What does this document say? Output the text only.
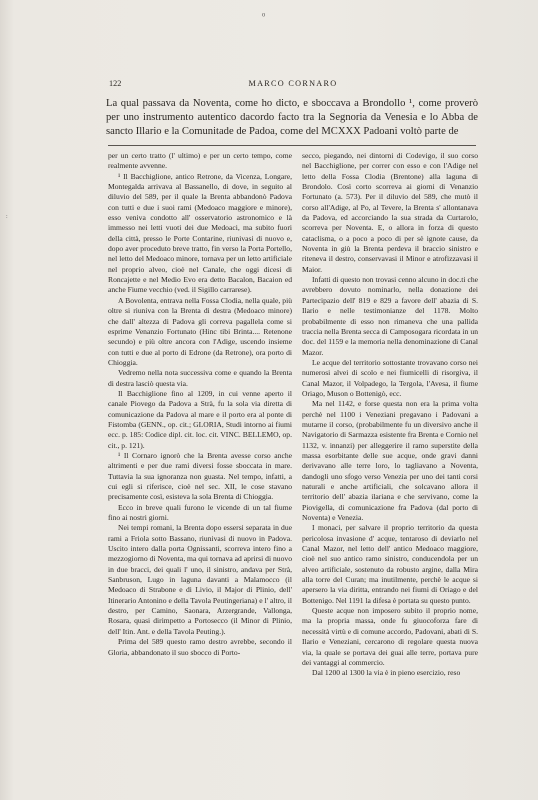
⁰
:
122	MARCO CORNARO

La qual passava da Noventa, come ho dicto, e sboccava a Brondollo ¹, come proverò per uno instrumento autentico dacordo facto tra la Segnoria da Venesia e lo Abba de sancto Illario e la Comunitade de Padoa, come del MCXXX Padoani voltò parte de

per un certo tratto (l' ultimo) e per un certo tempo, come realmente avvenne.

¹ Il Bacchiglione, antico Retrone, da Vicenza, Longare, Montegalda arrivava al Bassanello, di dove, in seguito al diluvio del 589, per il quale la Brenta abbandonò Padova con tutti e due i suoi rami (Medoaco maggiore e minore), esso veniva condotto all' osservatorio astronomico e là immesso nei letti vuoti dei due Medoaci, ma subito fuori della città, presso le Porte Contarine, riunivasi di nuovo e, dopo aver proceduto breve tratto, fin verso la Porta Portello, nel letto del Medoaco minore, tornava per un letto artificiale nel proprio alveo, cioè nel Canale, che oggi dicesi di Roncajette e nel Medio Evo era detto Bacalon, Bacaion ed anche Fiume vecchio (ved. il Sigillo carrarese).

A Bovolenta, entrava nella Fossa Clodia, nella quale, più oltre si riuniva con la Brenta di destra (Medoaco minore) che dall' altezza di Padova gli correva pagallela come si esprime Venanzio Fortunato (Hinc tibi Brinta.... Retenone secundo) e più oltre ancora con l'Adige, uscendo insieme con tutti e due al porto di Edrone (da Retrone), ora porto di Chioggia.

Vedremo nella nota successiva come e quando la Brenta di destra lasciò questa via.

Il Bacchiglione fino al 1209, in cui venne aperto il canale Piovego da Padova a Strà, fu la sola via diretta di comunicazione da Padova al mare e il porto era al ponte di Fistomba (GENN., op. cit.; GLORIA, Studi intorno ai fiumi ecc. p. 185: Codice dipl. cit. loc. cit. VINC. BELLEMO, op. cit., p. 121).

¹ Il Cornaro ignorò che la Brenta avesse corso anche altrimenti e per due rami diversi fosse sboccata in mare. Tuttavia la sua ignoranza non guasta. Nel tempo, infatti, a cui egli si riferisce, cioè nel sec. XII, le cose stavano precisamente così, esisteva la sola Brenta di Chioggia.

Ecco in breve quali furono le vicende di un tal fiume fino ai nostri giorni.

Nei tempi romani, la Brenta dopo essersi separata in due rami a Friola sotto Bassano, riunivasi di nuovo in Padova. Uscito intero dalla porta Ognissanti, scorreva intero fino a mezzogiorno di Noventa, ma qui tornava ad aprirsi di nuovo in due bracci, dei quali l' uno, il sinistro, andava per Strà, Sanbruson, Lugo in laguna davanti a Malamocco (il Medoaco di Strabone e di Livio, il Major di Plinio, dell' Itinerario Antonino e della Tavola Peutingeriana) e l' altro, il destro, per Camino, Saonara, Arzergrande, Vallonga, Rosara, quasi dirimpetto a Portosecco (il Minor di Plinio, dell' Itin. Ant. e della Tavola Peuting.).

Prima del 589 questo ramo destro avrebbe, secondo il Gloria, abbandonato il suo sbocco di Porto-

secco, piegando, nei dintorni di Codevigo, il suo corso nel Bacchiglione, per correr con esso e con l'Adige nel letto della Fossa Clodia (Brentone) alla laguna di Brondolo. Così corto scorreva ai giorni di Venanzio Fortunato (a. 573). Per il diluvio del 589, che mutò il corso all'Adige, al Po, al Tevere, la Brenta s' allontanava da Padova, ed accorciando la sua strada da Curtarolo, scorreva per Noventa. E, o allora in forza di questo cataclisma, o a poco a poco di per sè ignote cause, da Noventa in giù la Brenta perdeva il braccio sinistro e riteneva il destro, conservavasi il Minor e atrofizzavasi il Maior.

Infatti di questo non trovasi cenno alcuno in doc.ti che avrebbero dovuto nominarlo, nella donazione dei Partecipazio dell' 819 e 829 a favore dell' abazia di S. Ilario e nelle testimonianze del 1178. Molto probabilmente di esso non rimaneva che una pallida traccia nella Brenta secca di Camposogara ricordata in un doc. del 1159 e la memoria nella denominazione di Canal Mazor.

Le acque del territorio sottostante trovavano corso nei numerosi alvei di scolo e nei fiumicelli di risorgiva, il Canal Mazor, il Volpadego, la Tergola, l'Avesa, il fiume Oriago, Muson o Bottenigò, ecc.

Ma nel 1142, e forse questa non era la prima volta perchè nel 1100 i Veneziani pregavano i Padovani a mutarne il corso, (probabilmente fu un diversivo anche il Navigatorio di Sarmazza esistente fra Brenta e Cornio nel 1132, v. innanzi) per alleggerire il ramo superstite della massa esorbitante delle sue acque, onde gravi danni derivavano alle terre loro, lo tagliavano a Noventa, dandogli uno sfogo verso Venezia per uno dei tanti corsi naturali e anche artificiali, che solcavano allora il territorio dell' abazia ilariana e che servivano, come la Piovigella, di comunicazione fra Padova (dal porto di Noventa) e Venezia.

I monaci, per salvare il proprio territorio da questa pericolosa invasione d' acque, tentaroso di deviarlo nel Canal Mazor, nel letto dell' antico Medoaco maggiore, cioè nel suo antico ramo sinistro, conducendola per un alveo artificiale, sostenuto da robusto argine, dalla Mira alla torre del Curan; ma inutilmente, perchè le acque si apersero la via diritta, entrando nei fiumi di Oriago e del Bottenigo. Nel 1191 la difesa è portata su questo punto.

Queste acque non imposero subito il proprio nome, ma la propria massa, onde fu giuocoforza fare di necessità virtù e di comune accordo, Padovani, abati di S. Ilario e Veneziani, cercarono di regolare questa nuova via, la quale se portava dei guai alle terre, portava pure dei vantaggi al commercio.

Dal 1200 al 1300 la via è in pieno esercizio, reso
